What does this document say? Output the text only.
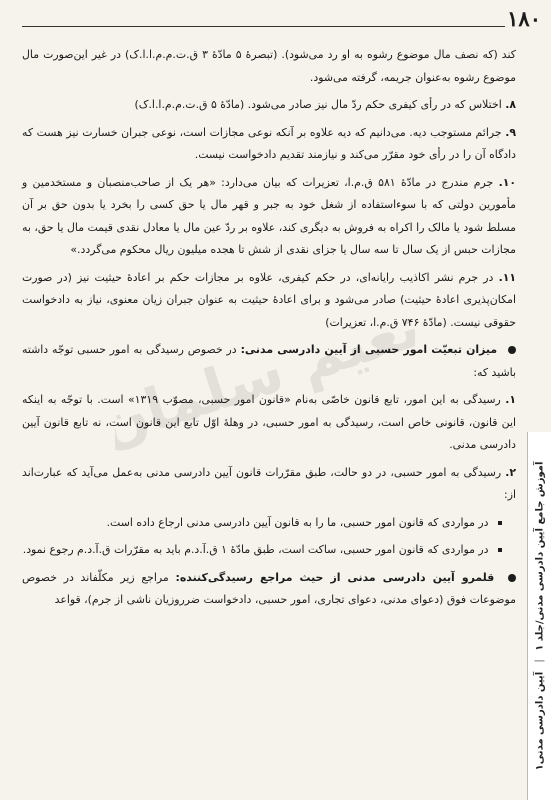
۱۸۰
نعیم سلمان

کند (که نصف مال موضوع رشوه به او رد می‌شود). (تبصرهٔ ۵ مادّهٔ ۳ ق.ت.م.م.ا.ا.ک) در غیر این‌صورت مال موضوع رشوه به‌عنوان جریمه، گرفته می‌شود.

۸. اختلاس که در رأی کیفری حکم ردّ مال نیز صادر می‌شود. (مادّهٔ ۵ ق.ت.م.م.ا.ا.ک)

۹. جرائم مستوجب دیه. می‌دانیم که دیه علاوه بر آنکه نوعی مجازات است، نوعی جبران خسارت نیز هست که دادگاه آن را در رأی خود مقرّر می‌کند و نیازمند تقدیم دادخواست نیست.

۱۰. جرم مندرج در مادّهٔ ۵۸۱ ق.م.ا، تعزیرات که بیان می‌دارد: «هر یک از صاحب‌منصبان و مستخدمین و مأمورین دولتی که با سوءاستفاده از شغل خود به جبر و قهر مال یا حق کسی را بخرد یا بدون حق بر آن مسلط شود یا مالک را اکراه به فروش به دیگری کند، علاوه بر ردّ عین مال یا معادل نقدی قیمت مال یا حق، به مجازات حبس از یک سال تا سه سال یا جزای نقدی از شش تا هجده میلیون ریال محکوم می‌گردد.»

۱۱. در جرم نشر اکاذیب رایانه‌ای، در حکم کیفری، علاوه بر مجازات حکم بر اعادهٔ حیثیت نیز (در صورت امکان‌پذیری اعادهٔ حیثیت) صادر می‌شود و برای اعادهٔ حیثیت به عنوان جبران زیان معنوی، نیاز به دادخواست حقوقی نیست. (مادّهٔ ۷۴۶ ق.م.ا، تعزیرات)

میزان تبعیّت امور حسبی از آیین دادرسی مدنی: در خصوص رسیدگی به امور حسبی توجّه داشته باشید که:

۱. رسیدگی به این امور، تابع قانون خاصّی به‌نام «قانون امور حسبی، مصوّب ۱۳۱۹» است. با توجّه به اینکه این قانون، قانونی خاص است، رسیدگی به امور حسبی، در وهلهٔ اوّل تابع این قانون است، نه تابع قانون آیین دادرسی مدنی.

۲. رسیدگی به امور حسبی، در دو حالت، طبق مقرّرات قانون آیین دادرسی مدنی به‌عمل می‌آید که عبارت‌اند از:

در مواردی که قانون امور حسبی، ما را به قانون آیین دادرسی مدنی ارجاع داده است.

در مواردی که قانون امور حسبی، ساکت است، طبق مادّهٔ ۱ ق.آ.د.م باید به مقرّرات ق.آ.د.م رجوع نمود.

قلمرو آیین دادرسی مدنی از حیث مراجع رسیدگی‌کننده: مراجع زیر مکلّفاند در خصوص موضوعات فوق (دعوای مدنی، دعوای تجاری، امور حسبی، دادخواست ضرروزیان ناشی از جرم)، قواعد

آموزش جامع آیین دادرسی مدنی/جلد ۱آیین دادرسی مدنی۱
